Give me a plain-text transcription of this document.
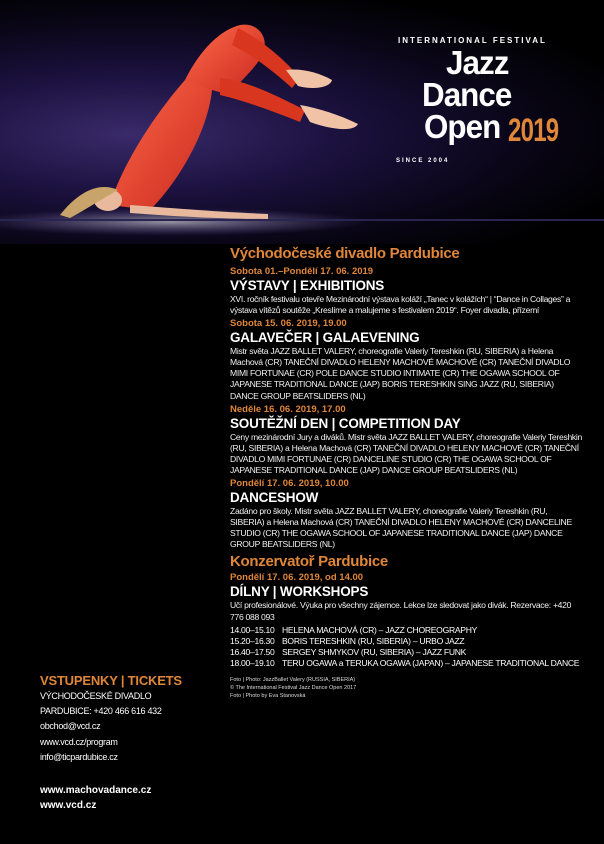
INTERNATIONAL FESTIVAL
Jazz
Dance
Open 2019
SINCE 2004
Východočeské divadlo Pardubice
Sobota 01.–Pondělí 17. 06. 2019
VÝSTAVY | EXHIBITIONS
XVI. ročník festivalu otevře Mezinárodní výstava koláží „Tanec v kolážích“ | “Dance in Collages” a výstava vítězů soutěže „Kreslíme a malujeme s festivalem 2019“. Foyer divadla, přízemí
Sobota 15. 06. 2019, 19.00
GALAVEČER | GALAEVENING
Mistr světa JAZZ BALLET VALERY, choreografie Valeriy Tereshkin (RU, SIBERIA) a Helena Machová (CR) TANEČNÍ DIVADLO HELENY MACHOVÉ MACHOVÉ (CR) TANEČNÍ DIVADLO MIMI FORTUNAE (CR) POLE DANCE STUDIO INTIMATE (CR) THE OGAWA SCHOOL OF JAPANESE TRADITIONAL DANCE (JAP) BORIS TERESHKIN SING JAZZ (RU, SIBERIA) DANCE GROUP BEATSLIDERS (NL)
Neděle 16. 06. 2019, 17.00
SOUTĚŽNÍ DEN | COMPETITION DAY
Ceny mezinárodní Jury a diváků. Mistr světa JAZZ BALLET VALERY, choreografie Valeriy Tereshkin (RU, SIBERIA) a Helena Machová (CR) TANEČNÍ DIVADLO HELENY MACHOVÉ (CR) TANEČNÍ DIVADLO MIMI FORTUNAE (CR) DANCELINE STUDIO (CR) THE OGAWA SCHOOL OF JAPANESE TRADITIONAL DANCE (JAP) DANCE GROUP BEATSLIDERS (NL)
Pondělí 17. 06. 2019, 10.00
DANCESHOW
Zadáno pro školy. Mistr světa JAZZ BALLET VALERY, choreografie Valeriy Tereshkin (RU, SIBERIA) a Helena Machová (CR) TANEČNÍ DIVADLO HELENY MACHOVÉ (CR) DANCELINE STUDIO (CR) THE OGAWA SCHOOL OF JAPANESE TRADITIONAL DANCE (JAP) DANCE GROUP BEATSLIDERS (NL)
Konzervatoř Pardubice
Pondělí 17. 06. 2019, od 14.00
DÍLNY | WORKSHOPS
Učí profesionálové. Výuka pro všechny zájemce. Lekce lze sledovat jako divák. Rezervace: +420 776 088 093
14.00–15.10 HELENA MACHOVÁ (CR) – JAZZ CHOREOGRAPHY
15.20–16.30 BORIS TERESHKIN (RU, SIBERIA) – URBO JAZZ
16.40–17.50 SERGEY SHMYKOV (RU, SIBERIA) – JAZZ FUNK
18.00–19.10 TERU OGAWA a TERUKA OGAWA (JAPAN) – JAPANESE TRADITIONAL DANCE
Foto | Photo: JazzBallet Valery (RUSSIA, SIBERIA)
© The International Festival Jazz Dance Open 2017
Foto | Photo by Eva Stanovská
VSTUPENKY | TICKETS
VÝCHODOČESKÉ DIVADLO
PARDUBICE: +420 466 616 432
obchod@vcd.cz
www.vcd.cz/program
info@ticpardubice.cz
www.machovadance.cz
www.vcd.cz
